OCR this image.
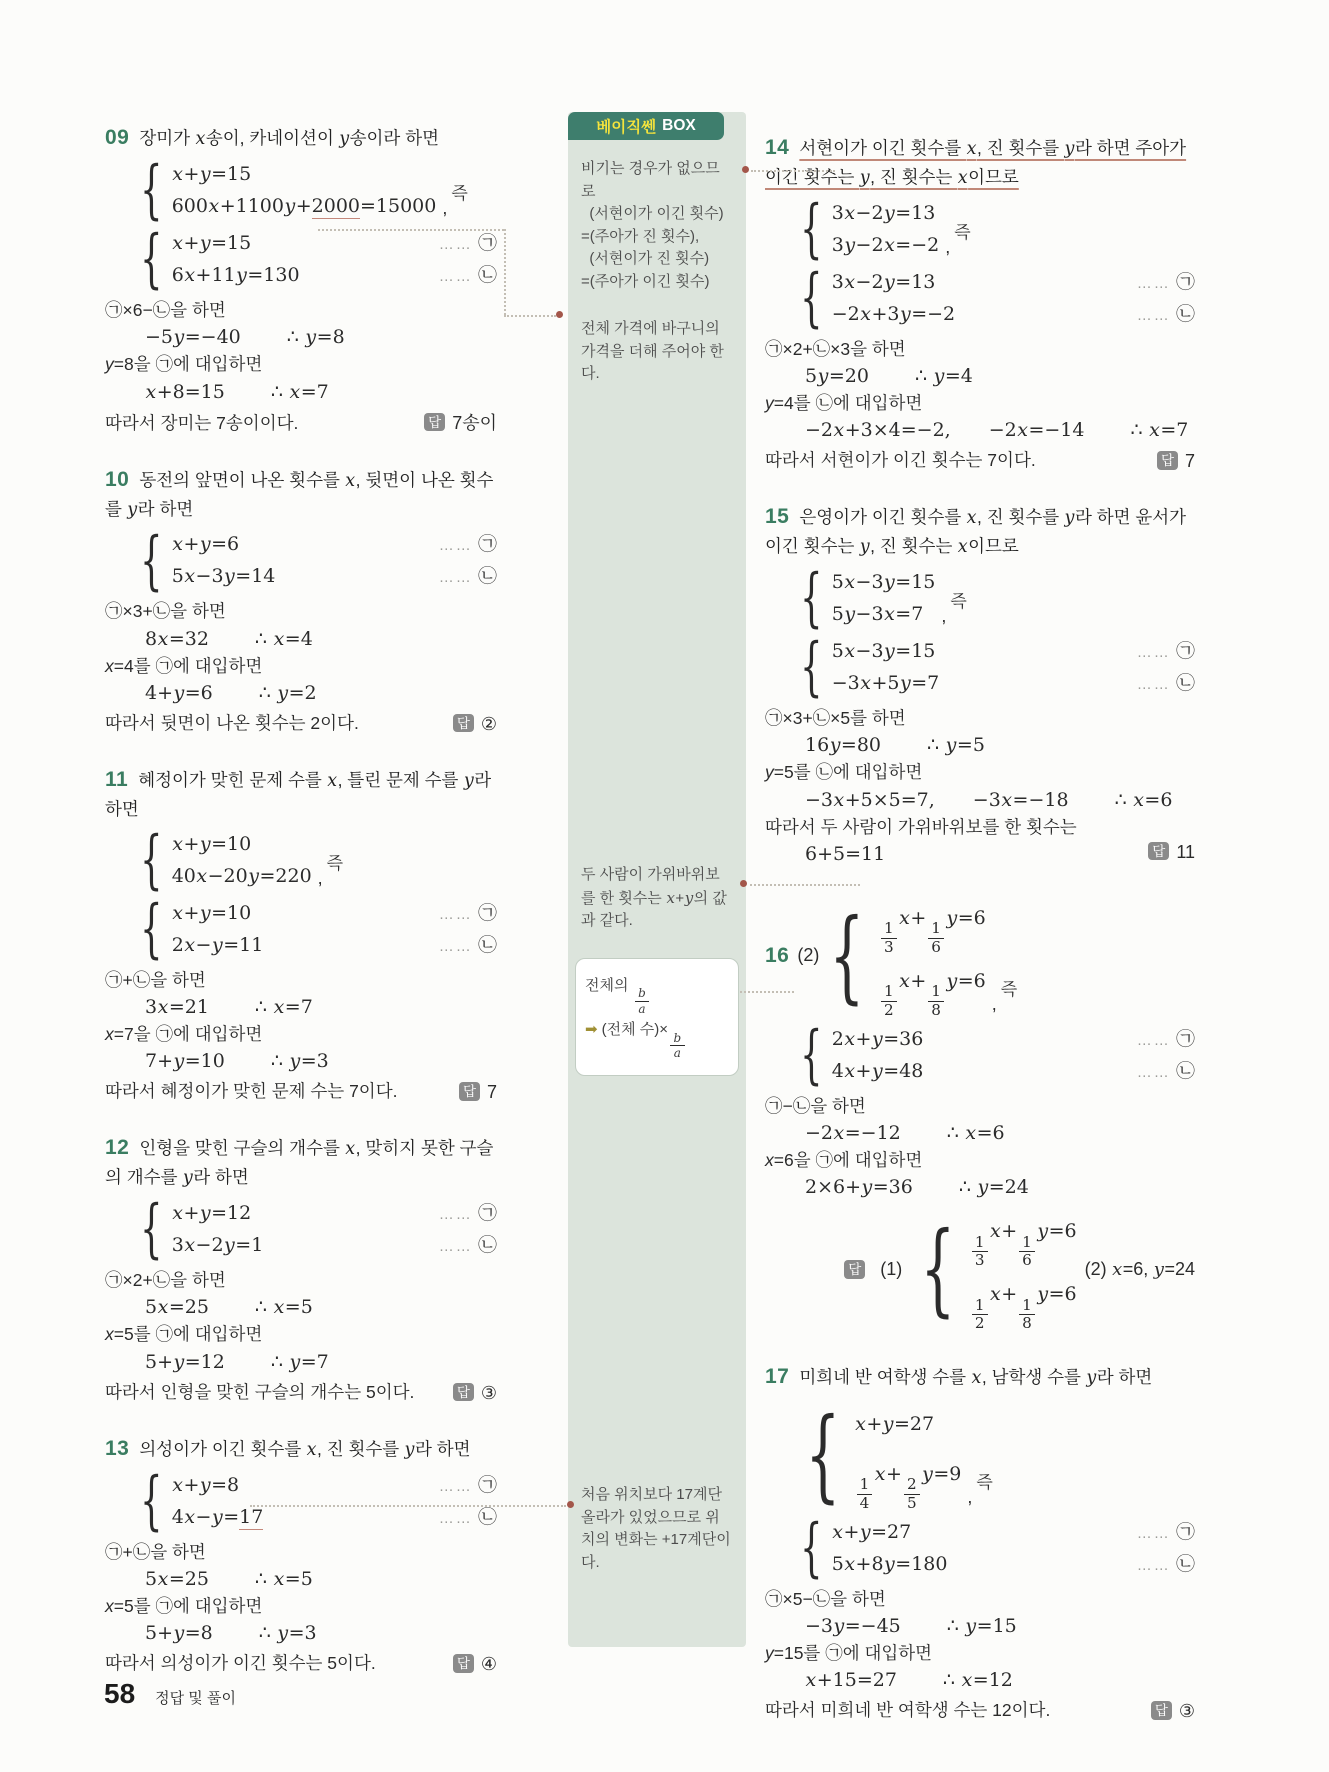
09 장미가 x송이, 카네이션이 y송이라 하면
{ x+y=15
600x+1100y+2000=15000 ,즉
{ x+y=15	…… ㉠
6x+11y=130	…… ㉡
㉠×6−㉡을 하면
−5y=−40 ∴ y=8
y=8을 ㉠에 대입하면
x+8=15 ∴ x=7
따라서 장미는 7송이이다.	답 7송이
10 동전의 앞면이 나온 횟수를 x, 뒷면이 나온 횟수를 y라 하면
{ x+y=6	…… ㉠
5x−3y=14	…… ㉡
㉠×3+㉡을 하면
8x=32 ∴ x=4
x=4를 ㉠에 대입하면
4+y=6 ∴ y=2
따라서 뒷면이 나온 횟수는 2이다.	답 ②
11 혜정이가 맞힌 문제 수를 x, 틀린 문제 수를 y라 하면
{ x+y=10
40x−20y=220 ,즉
{ x+y=10	…… ㉠
2x−y=11	…… ㉡
㉠+㉡을 하면
3x=21 ∴ x=7
x=7을 ㉠에 대입하면
7+y=10 ∴ y=3
따라서 혜정이가 맞힌 문제 수는 7이다.	답 7
12 인형을 맞힌 구슬의 개수를 x, 맞히지 못한 구슬의 개수를 y라 하면
{ x+y=12	…… ㉠
3x−2y=1	…… ㉡
㉠×2+㉡을 하면
5x=25 ∴ x=5
x=5를 ㉠에 대입하면
5+y=12 ∴ y=7
따라서 인형을 맞힌 구슬의 개수는 5이다.	답 ③
13 의성이가 이긴 횟수를 x, 진 횟수를 y라 하면
{ x+y=8	…… ㉠
4x−y=17	…… ㉡
㉠+㉡을 하면
5x=25 ∴ x=5
x=5를 ㉠에 대입하면
5+y=8 ∴ y=3
따라서 의성이가 이긴 횟수는 5이다.	답 ④
베이직쎈 BOX
비기는 경우가 없으므로
(서현이가 이긴 횟수)
=(주아가 진 횟수),
(서현이가 진 횟수)
=(주아가 이긴 횟수)
전체 가격에 바구니의 가격을 더해 주어야 한다.
두 사람이 가위바위보를 한 횟수는 x+y의 값과 같다.
처음 위치보다 17계단 올라가 있었으므로 위치의 변화는 +17계단이다.
전체의
$\frac{b}{a}$
➡ (전체 수)×
$\frac{b}{a}$
14 서현이가 이긴 횟수를 x, 진 횟수를 y라 하면 주아가 이긴 횟수는 y, 진 횟수는 x이므로
{ 3x−2y=13
3y−2x=−2 ,즉
{ 3x−2y=13	…… ㉠
−2x+3y=−2	…… ㉡
㉠×2+㉡×3을 하면
5y=20 ∴ y=4
y=4를 ㉡에 대입하면
−2x+3×4=−2,  −2x=−14 ∴ x=7
따라서 서현이가 이긴 횟수는 7이다.	답 7
15 은영이가 이긴 횟수를 x, 진 횟수를 y라 하면 윤서가 이긴 횟수는 y, 진 횟수는 x이므로
{ 5x−3y=15
5y−3x=7	,즉
{ 5x−3y=15	…… ㉠
−3x+5y=7	…… ㉡
㉠×3+㉡×5를 하면
16y=80 ∴ y=5
y=5를 ㉡에 대입하면
−3x+5×5=7,  −3x=−18 ∴ x=6
따라서 두 사람이 가위바위보를 한 횟수는
6+5=11	답 11
16 (2) { $\frac{1}{3}$
x+
$\frac{1}{6}$
y=6
$\frac{1}{2}$
x+
$\frac{1}{8}$
y=6
,즉
{ 2x+y=36	…… ㉠
4x+y=48	…… ㉡
㉠−㉡을 하면
−2x=−12 ∴ x=6
x=6을 ㉠에 대입하면
2×6+y=36 ∴ y=24
답 (1) { $\frac{1}{3}$
x+
$\frac{1}{6}$
y=6
$\frac{1}{2}$
x+
$\frac{1}{8}$
y=6
(2) x=6, y=24
17 미희네 반 여학생 수를 x, 남학생 수를 y라 하면
{ x+y=27
$\frac{1}{4}$
x+
$\frac{2}{5}$
y=9
,즉
{ x+y=27	…… ㉠
5x+8y=180	…… ㉡
㉠×5−㉡을 하면
−3y=−45 ∴ y=15
y=15를 ㉠에 대입하면
x+15=27 ∴ x=12
따라서 미희네 반 여학생 수는 12이다.	답 ③
58 정답 및 풀이
